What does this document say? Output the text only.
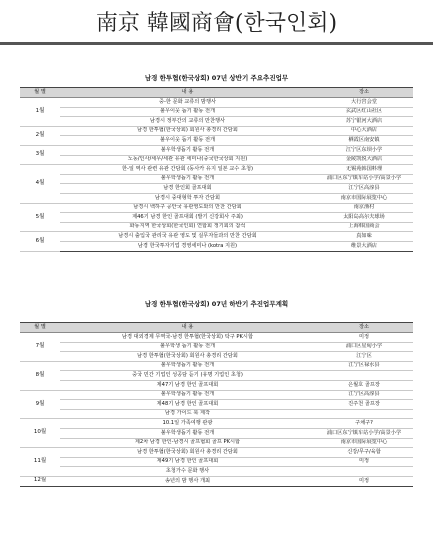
南京 韓國商會(한국인회)
남경 한투협(한국상회) 07년 상반기 주요추진업무
월 별	내 용	장소
1월	중-한 문화 교류의 밤행사	大行宮会堂
	불우이웃 돕기 활동 전개	玄武区红山社区
	남경시 정부간의 교류의 만찬행사	苏宁银河大酒店
2월	남경 한투협(한국상회) 회원사 총경리 간담회	中心大酒店
	불우이웃 돕기 활동 전개	栖霞区南安镇
3월	불우학생돕기 활동 전개	江宁区东坝小学
	노동/인사/세무/세관 유관 세미나(중국한국상회 지원)	金陵凯悦大酒店
4월	한-일 역사 관련 유관 간담회 (동사카 유지 일본 교수 초청)	无锡苑韩国料理
	불우학생돕기 활동 전개	浦口区东宁镇车站小学/高景小学
	남경 한인회 골프대회	江宁区高淳县
	남경시 중대형학 투자 간담회	南京市国际展览中心
5월	남경시 백하구 공안국 유관영도와의 만찬 간담회	南京渔村
	제46기 남경 한인 골프대회 (발기 신강회사 주최)	太阳岛高尔夫球场
	화동지역 한국상회(한국인회) 연합회 정기회의 참석	上海韩国商会
6월	남경시 출입국 관리국 유관 영도 및 실무자들과의 만찬 간담회	真如味
	남경 한국투자기업 경영세미나 (kotra 지원)	维景大酒店
남경 한투협(한국상회) 07년 하반기 추진업무계획
월 별	내 용	장소
7월	남경 대외경제 무역국-남경 한투협(한국상회) 탁구 PK시합	미정
	불우학생 돕기 활동 전개	浦口区星甸小学
	남경 한투협(한국상회) 회원사 총경리 간담회	江宁区
8월	불우학생돕기 활동 전개	江宁区禄水县
	중국 민간 기업인 성공담 듣기 (유명 기업인 초청)	
	제47기 남경 한인 골프대회	은월호 골프장
9월	불우학생돕기 활동 전개	江宁区高淳县
	제48기 남경 한인 골프대회	진주천 골프장
	남경 가이드 북 제작	
10월	10.1일 가족여행 관광	구채구?
	불우학생돕기 활동 전개	浦口区东宁镇车站小学/高景小学
	제2차 남경 한인-남경시 골프협회 골프 PK시합	南京市国际展览中心
11월	남경 한투협(한국상회) 회원사 총경리 간담회	신강/무구/육합
	제49기 남경 한인 골프대회	미정
	초청가수 문화 행사	
12월	송년의 밤 행사 개최	미정
